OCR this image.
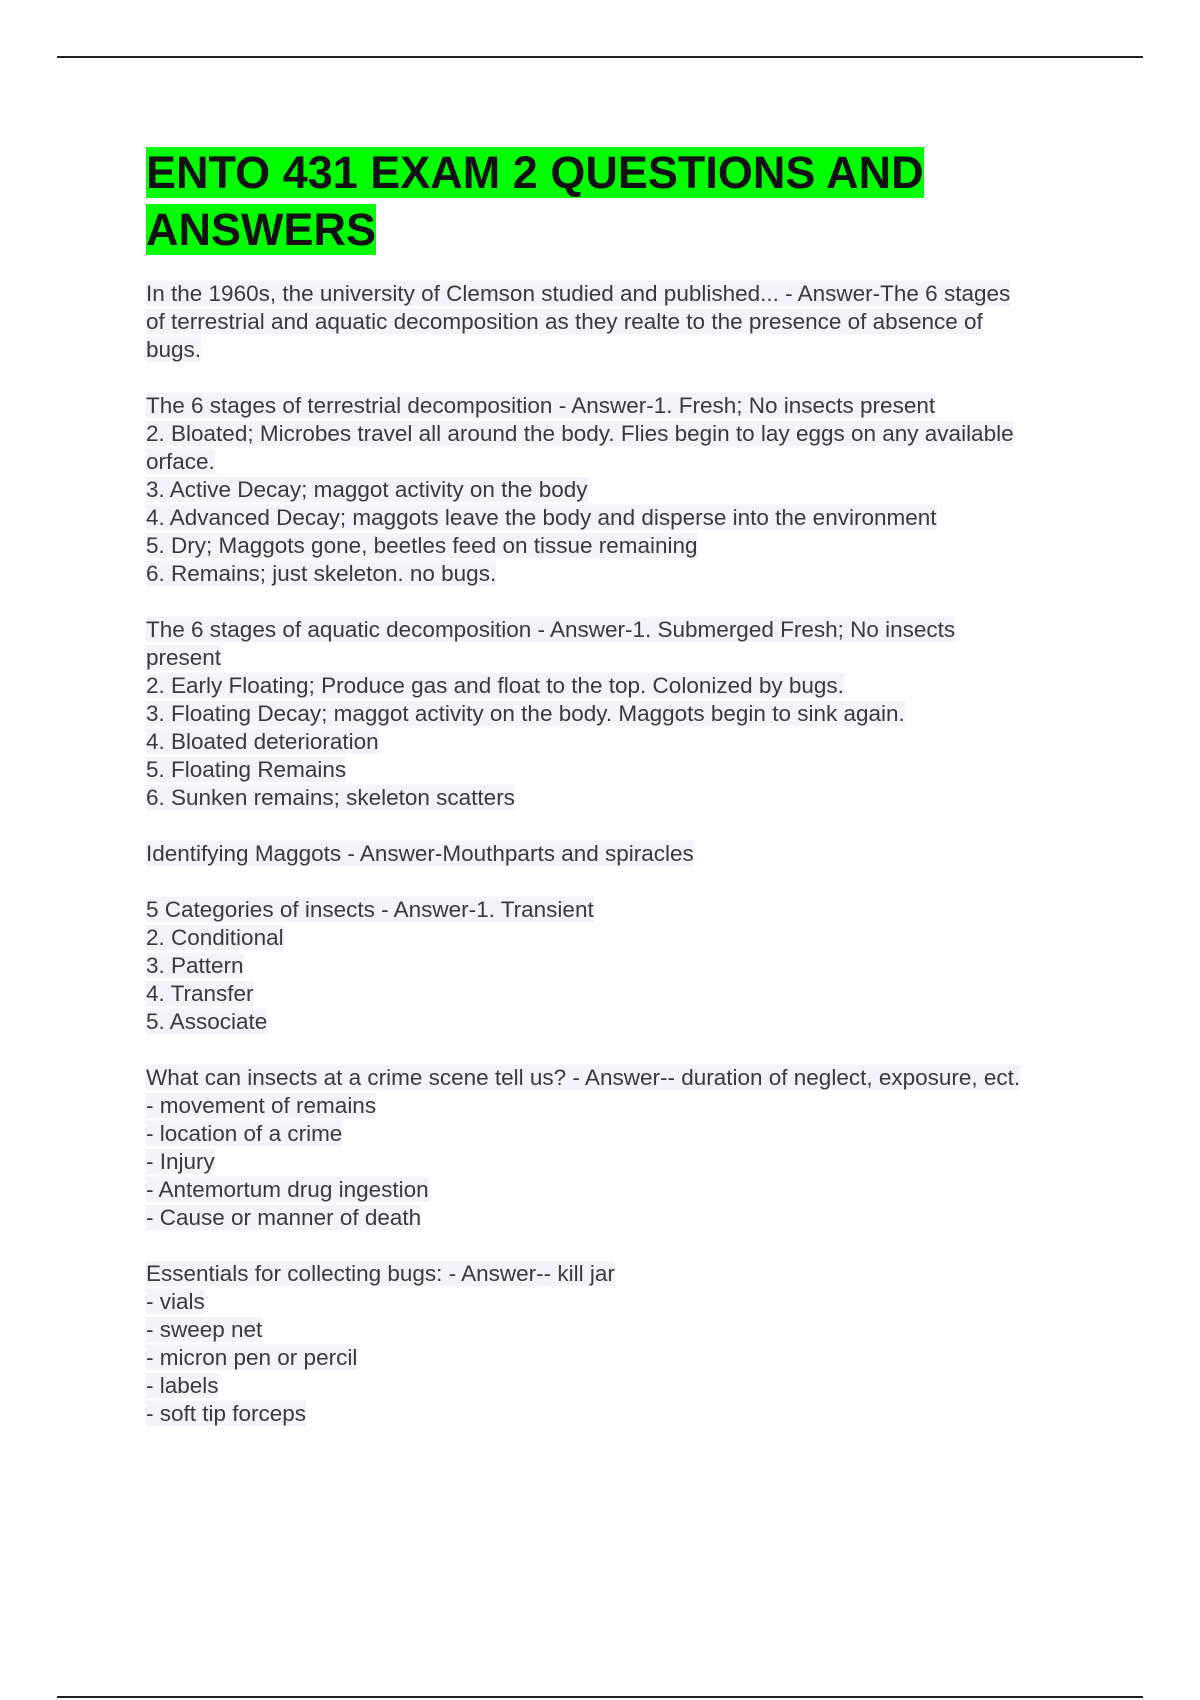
ENTO 431 EXAM 2 QUESTIONS AND ANSWERS

In the 1960s, the university of Clemson studied and published... - Answer-The 6 stages
of terrestrial and aquatic decomposition as they realte to the presence of absence of
bugs.

The 6 stages of terrestrial decomposition - Answer-1. Fresh; No insects present
2. Bloated; Microbes travel all around the body. Flies begin to lay eggs on any available
orface.
3. Active Decay; maggot activity on the body
4. Advanced Decay; maggots leave the body and disperse into the environment
5. Dry; Maggots gone, beetles feed on tissue remaining
6. Remains; just skeleton. no bugs.

The 6 stages of aquatic decomposition - Answer-1. Submerged Fresh; No insects
present
2. Early Floating; Produce gas and float to the top. Colonized by bugs.
3. Floating Decay; maggot activity on the body. Maggots begin to sink again.
4. Bloated deterioration
5. Floating Remains
6. Sunken remains; skeleton scatters

Identifying Maggots - Answer-Mouthparts and spiracles

5 Categories of insects - Answer-1. Transient
2. Conditional
3. Pattern
4. Transfer
5. Associate

What can insects at a crime scene tell us? - Answer-- duration of neglect, exposure, ect.
- movement of remains
- location of a crime
- Injury
- Antemortum drug ingestion
- Cause or manner of death

Essentials for collecting bugs: - Answer-- kill jar
- vials
- sweep net
- micron pen or percil
- labels
- soft tip forceps
